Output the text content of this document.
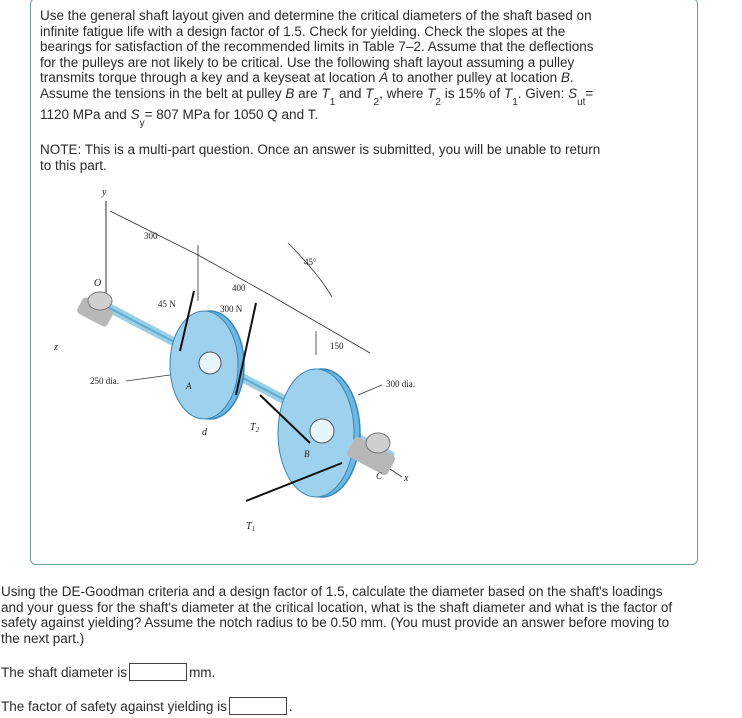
Use the general shaft layout given and determine the critical diameters of the shaft based on
infinite fatigue life with a design factor of 1.5. Check for yielding. Check the slopes at the
bearings for satisfaction of the recommended limits in Table 7–2. Assume that the deflections
for the pulleys are not likely to be critical. Use the following shaft layout assuming a pulley
transmits torque through a key and a keyseat at location A to another pulley at location B.
Assume the tensions in the belt at pulley B are $T_1$ and $T_2$, where $T_2$ is 15% of $T_1$. Given: $S_{ut}=$
1120 MPa and $S_y= 807$ MPa for 1050 Q and T.
NOTE: This is a multi-part question. Once an answer is submitted, you will be unable to return
to this part.
y
z
O
300
400
150
45°
A
250 dia.
45 N	300 N
d
B
300 dia.
$T_2$
$T_1$
C x
Using the DE-Goodman criteria and a design factor of 1.5, calculate the diameter based on the shaft's loadings
and your guess for the shaft's diameter at the critical location, what is the shaft diameter and what is the factor of
safety against yielding? Assume the notch radius to be 0.50 mm. (You must provide an answer before moving to
the next part.)
The shaft diameter is	mm.
The factor of safety against yielding is	.
